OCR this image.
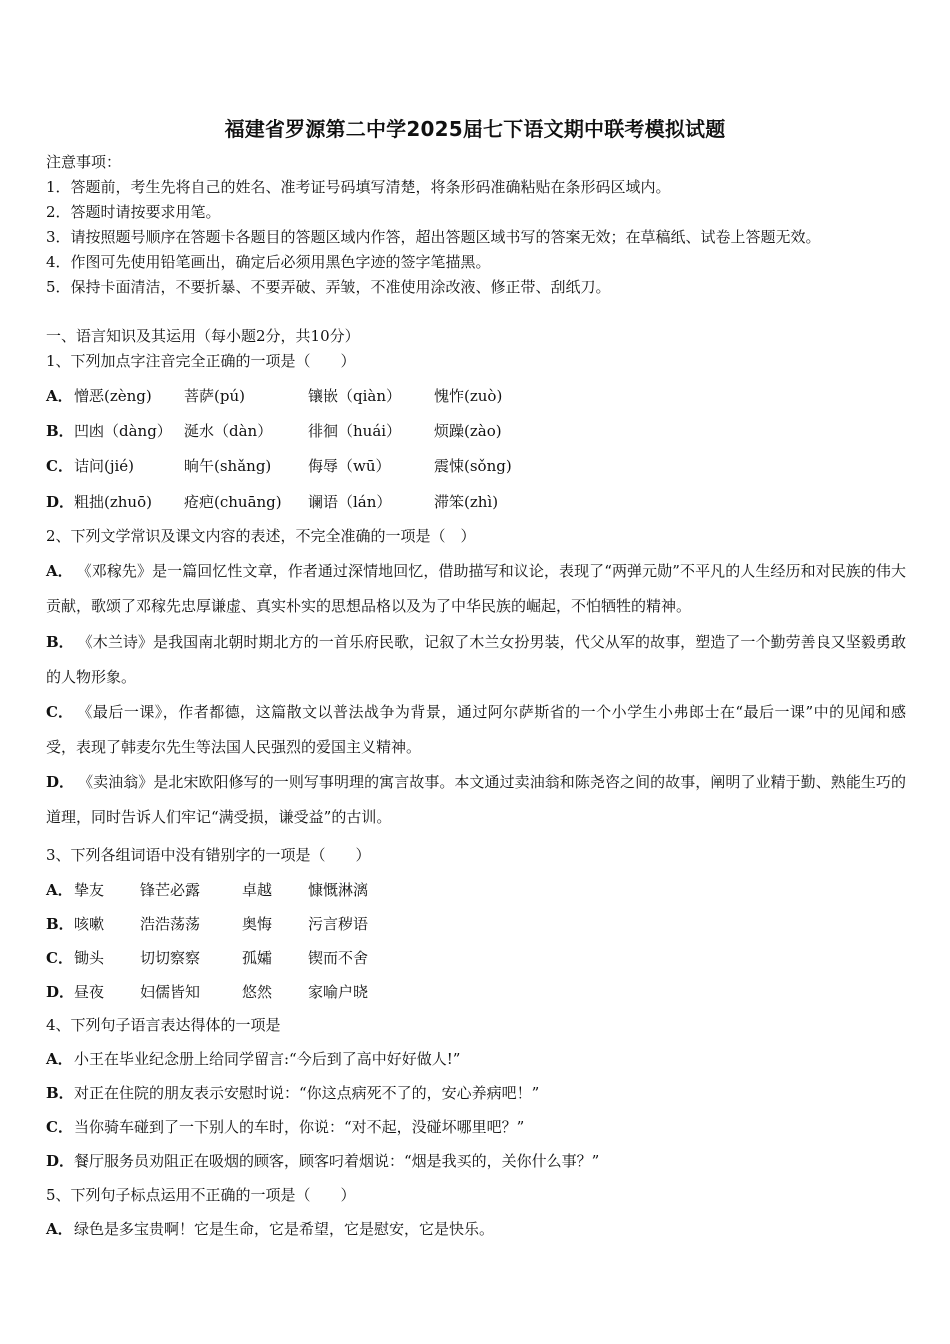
福建省罗源第二中学2025届七下语文期中联考模拟试题
注意事项：
1．答题前，考生先将自己的姓名、准考证号码填写清楚，将条形码准确粘贴在条形码区域内。
2．答题时请按要求用笔。
3．请按照题号顺序在答题卡各题目的答题区域内作答，超出答题区域书写的答案无效；在草稿纸、试卷上答题无效。
4．作图可先使用铅笔画出，确定后必须用黑色字迹的签字笔描黑。
5．保持卡面清洁，不要折暴、不要弄破、弄皱，不准使用涂改液、修正带、刮纸刀。
一、语言知识及其运用（每小题2分，共10分）
1、下列加点字注音完全正确的一项是（　　）
A． 憎恶(zèng) 菩萨(pú)	镶嵌（qiàn） 愧怍(zuò)
B． 凹凼（dàng） 涎水（dàn） 徘徊（huái） 烦躁(zào)
C． 诘问(jié)	晌午(shǎng) 侮辱（wū）	震悚(sǒng)
D． 粗拙(zhuō) 疮疤(chuāng) 谰语（lán）	滞笨(zhì)
2、下列文学常识及课文内容的表述，不完全准确的一项是（　）
A． 《邓稼先》是一篇回忆性文章，作者通过深情地回忆，借助描写和议论，表现了“两弹元勋”不平凡的人生经历和对民族的伟大贡献，歌颂了邓稼先忠厚谦虚、真实朴实的思想品格以及为了中华民族的崛起，不怕牺牲的精神。
B． 《木兰诗》是我国南北朝时期北方的一首乐府民歌，记叙了木兰女扮男装，代父从军的故事，塑造了一个勤劳善良又坚毅勇敢的人物形象。
C． 《最后一课》，作者都德，这篇散文以普法战争为背景，通过阿尔萨斯省的一个小学生小弗郎士在“最后一课”中的见闻和感受，表现了韩麦尔先生等法国人民强烈的爱国主义精神。
D． 《卖油翁》是北宋欧阳修写的一则写事明理的寓言故事。本文通过卖油翁和陈尧咨之间的故事，阐明了业精于勤、熟能生巧的道理，同时告诉人们牢记“满受损，谦受益”的古训。
3、下列各组词语中没有错别字的一项是（　　）
A． 挚友 锋芒必露	卓越 慷慨淋漓
B． 咳嗽 浩浩荡荡	奥悔 污言秽语
C． 锄头 切切察察	孤孀 锲而不舍
D． 昼夜 妇儒皆知	悠然 家喻户晓
4、下列句子语言表达得体的一项是
A．小王在毕业纪念册上给同学留言:“今后到了高中好好做人!”
B．对正在住院的朋友表示安慰时说：“你这点病死不了的，安心养病吧！”
C．当你骑车碰到了一下别人的车时，你说：“对不起，没碰坏哪里吧？”
D．餐厅服务员劝阻正在吸烟的顾客，顾客叼着烟说：“烟是我买的，关你什么事？”
5、下列句子标点运用不正确的一项是（　　）
A．绿色是多宝贵啊！它是生命，它是希望，它是慰安，它是快乐。
